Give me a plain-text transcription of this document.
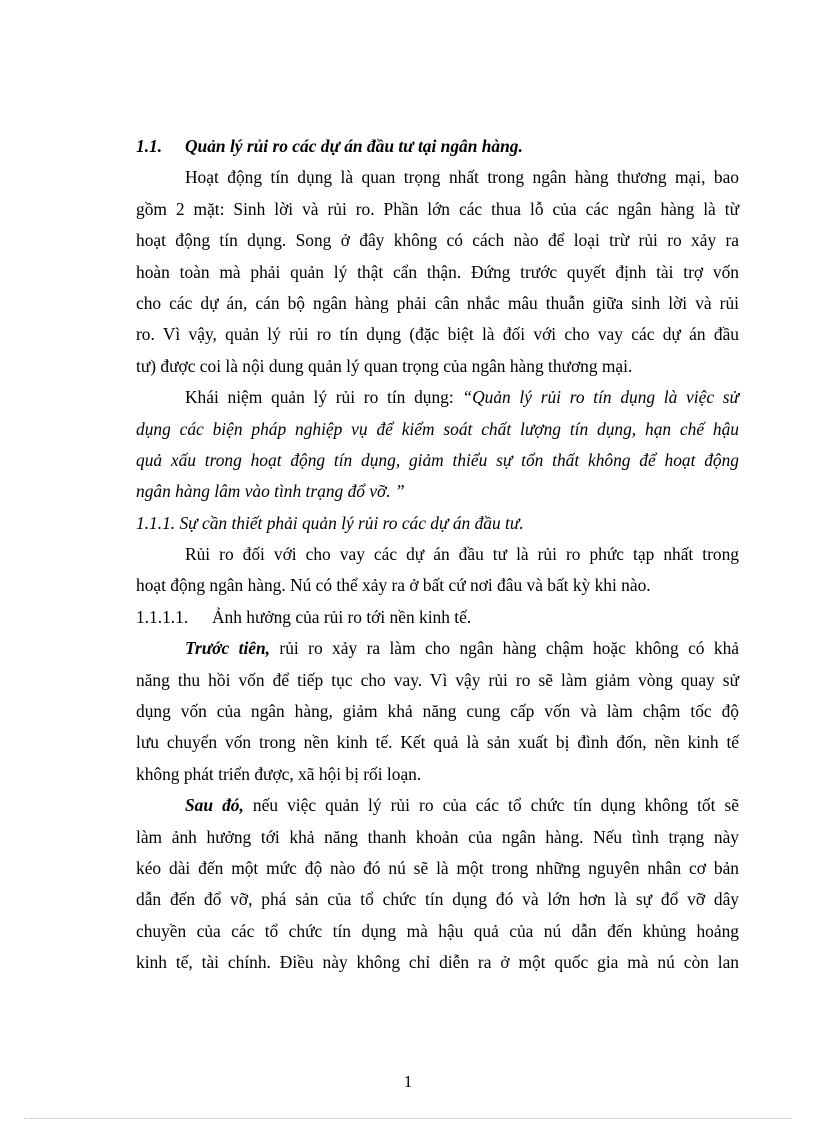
1.1. Quản lý rủi ro các dự án đầu tư tại ngân hàng.
Hoạt động tín dụng là quan trọng nhất trong ngân hàng thương mại, bao
gồm 2 mặt: Sinh lời và rủi ro. Phần lớn các thua lỗ của các ngân hàng là từ
hoạt động tín dụng. Song ở đây không có cách nào để loại trừ rủi ro xảy ra
hoàn toàn mà phải quản lý thật cẩn thận. Đứng trước quyết định tài trợ vốn
cho các dự án, cán bộ ngân hàng phải cân nhắc mâu thuẫn giữa sinh lời và rủi
ro. Vì vậy, quản lý rủi ro tín dụng (đặc biệt là đối với cho vay các dự án đầu
tư) được coi là nội dung quản lý quan trọng của ngân hàng thương mại.
Khái niệm quản lý rủi ro tín dụng: “Quản lý rủi ro tín dụng là việc sử
dụng các biện pháp nghiệp vụ để kiểm soát chất lượng tín dụng, hạn chế hậu
quả xấu trong hoạt động tín dụng, giảm thiểu sự tổn thất không để hoạt động
ngân hàng lâm vào tình trạng đổ vỡ. ”
1.1.1. Sự cần thiết phải quản lý rủi ro các dự án đầu tư.
Rủi ro đối với cho vay các dự án đầu tư là rủi ro phức tạp nhất trong
hoạt động ngân hàng. Nú có thể xảy ra ở bất cứ nơi đâu và bất kỳ khi nào.
1.1.1.1. Ảnh hưởng của rủi ro tới nền kinh tế.
Trước tiên, rủi ro xảy ra làm cho ngân hàng chậm hoặc không có khả
năng thu hồi vốn để tiếp tục cho vay. Vì vậy rủi ro sẽ làm giảm vòng quay sử
dụng vốn của ngân hàng, giảm khả năng cung cấp vốn và làm chậm tốc độ
lưu chuyển vốn trong nền kinh tế. Kết quả là sản xuất bị đình đốn, nền kinh tế
không phát triển được, xã hội bị rối loạn.
Sau đó, nếu việc quản lý rủi ro của các tổ chức tín dụng không tốt sẽ
làm ảnh hưởng tới khả năng thanh khoản của ngân hàng. Nếu tình trạng này
kéo dài đến một mức độ nào đó nú sẽ là một trong những nguyên nhân cơ bản
dẫn đến đổ vỡ, phá sản của tổ chức tín dụng đó và lớn hơn là sự đổ vỡ dây
chuyền của các tổ chức tín dụng mà hậu quả của nú dẫn đến khủng hoảng
kinh tế, tài chính. Điều này không chỉ diễn ra ở một quốc gia mà nú còn lan
1
